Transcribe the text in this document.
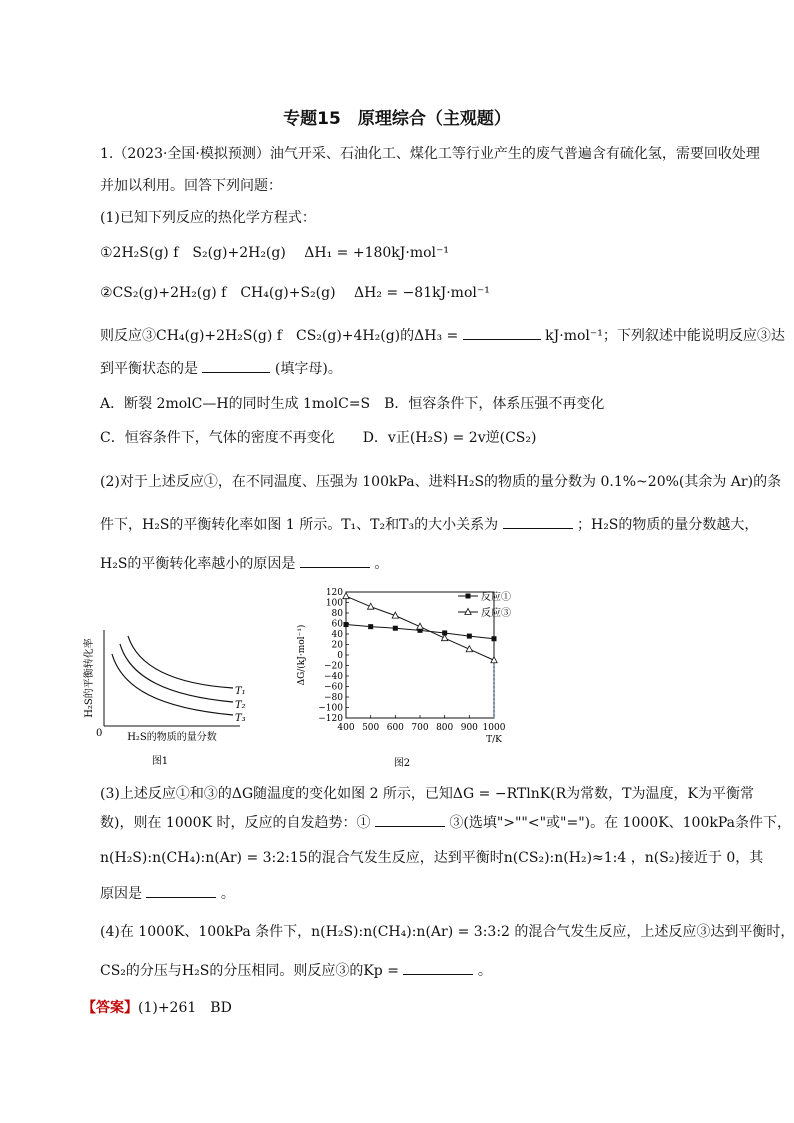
专题15　原理综合（主观题）
1.（2023·全国·模拟预测）油气开采、石油化工、煤化工等行业产生的废气普遍含有硫化氢，需要回收处理
并加以利用。回答下列问题：
(1)已知下列反应的热化学方程式：
①2H₂S(g) f　S₂(g)+2H₂(g)　 ΔH₁ = +180kJ·mol⁻¹
②CS₂(g)+2H₂(g) f　CH₄(g)+S₂(g)　 ΔH₂ = −81kJ·mol⁻¹
则反应③CH₄(g)+2H₂S(g) f　CS₂(g)+4H₂(g)的ΔH₃ =	kJ·mol⁻¹；下列叙述中能说明反应③达
到平衡状态的是	(填字母)。
A．断裂 2molC—H的同时生成 1molC=S　B．恒容条件下，体系压强不再变化
C．恒容条件下，气体的密度不再变化　　D．v正(H₂S) = 2v逆(CS₂)
(2)对于上述反应①，在不同温度、压强为 100kPa、进料H₂S的物质的量分数为 0.1%~20%(其余为 Ar)的条
件下，H₂S的平衡转化率如图 1 所示。T₁、T₂和T₃的大小关系为	；H₂S的物质的量分数越大，
H₂S的平衡转化率越小的原因是	。
T₁
T₂
T₃
0 H₂S的物质的量分数
H₂S的平衡转化率
图1
120
100
80
60
40
20
0
−20
−40
−60
−80
−100
−120
400 500 600 700 800 900 1000
T/K
ΔG/(kJ·mol⁻¹)
反应①
反应③
图2
(3)上述反应①和③的ΔG随温度的变化如图 2 所示，已知ΔG = −RTlnK(R为常数，T为温度，K为平衡常
数)，则在 1000K 时，反应的自发趋势：①	③(选填">""<"或"=")。在 1000K、100kPa条件下，
n(H₂S):n(CH₄):n(Ar) = 3:2:15的混合气发生反应，达到平衡时n(CS₂):n(H₂)≈1:4 ，n(S₂)接近于 0，其
原因是	。
(4)在 1000K、100kPa 条件下，n(H₂S):n(CH₄):n(Ar) = 3:3:2 的混合气发生反应，上述反应③达到平衡时，
CS₂的分压与H₂S的分压相同。则反应③的Kp =	。
【答案】(1)+261　BD
